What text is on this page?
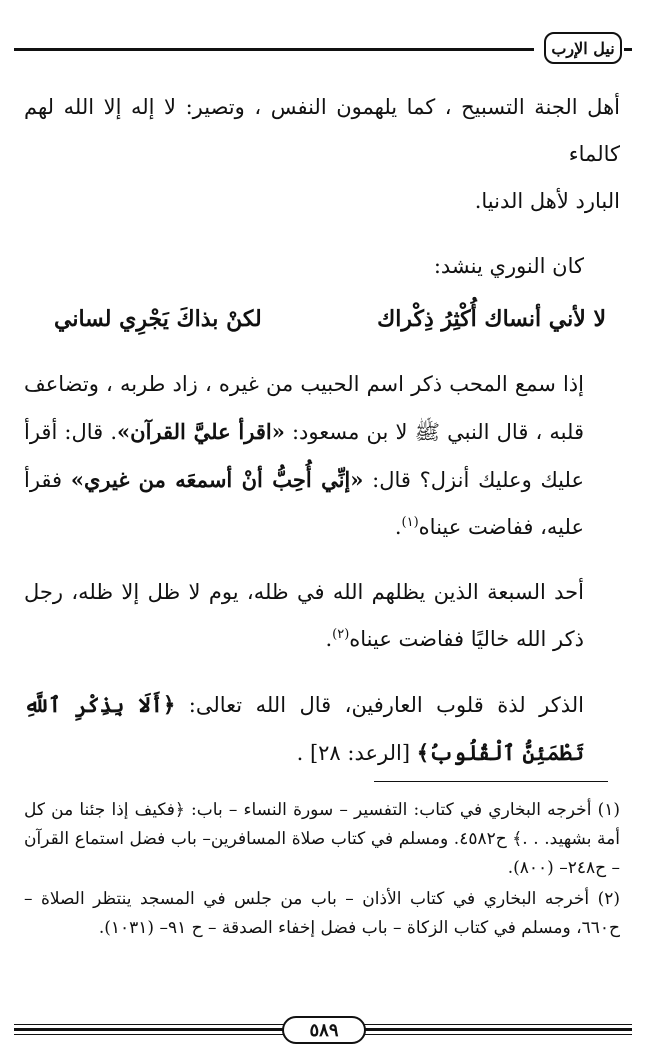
نيل الإرب

أهل الجنة التسبيح ، كما يلهمون النفس ، وتصير: لا إله إلا الله لهم كالماء
البارد لأهل الدنيا.

كان النوري ينشد:

لا لأني أنساك أُكْثِرُ ذِكْراك
لكنْ بذاكَ يَجْرِي لساني

إذا سمع المحب ذكر اسم الحبيب من غيره ، زاد طربه ، وتضاعف قلبه ، قال النبي ﷺ لا بن مسعود: «اقرأ عليَّ القرآن». قال: أقرأ عليك وعليك أنزل؟ قال: «إنِّي أُحِبُّ أنْ أسمعَه من غيري» فقرأ عليه، ففاضت عيناه$^{(١)}$.

أحد السبعة الذين يظلهم الله في ظله، يوم لا ظل إلا ظله، رجل ذكر الله خاليًا ففاضت عيناه$^{(٢)}$.

الذكر لذة قلوب العارفين، قال الله تعالى: ﴿أَلَا بِذِكْرِ ٱللَّهِ تَطْمَئِنُّ ٱلْقُلُوبُ﴾ [الرعد: ٢٨] .

(١) أخرجه البخاري في كتاب: التفسير – سورة النساء – باب: ﴿فكيف إذا جئنا من كل أمة بشهيد. . .﴾ ح٤٥٨٢. ومسلم في كتاب صلاة المسافرين– باب فضل استماع القرآن – ح٢٤٨– (٨٠٠).

(٢) أخرجه البخاري في كتاب الأذان – باب من جلس في المسجد ينتظر الصلاة – ح٦٦٠، ومسلم في كتاب الزكاة – باب فضل إخفاء الصدقة – ح ٩١– (١٠٣١).

٥٨٩
